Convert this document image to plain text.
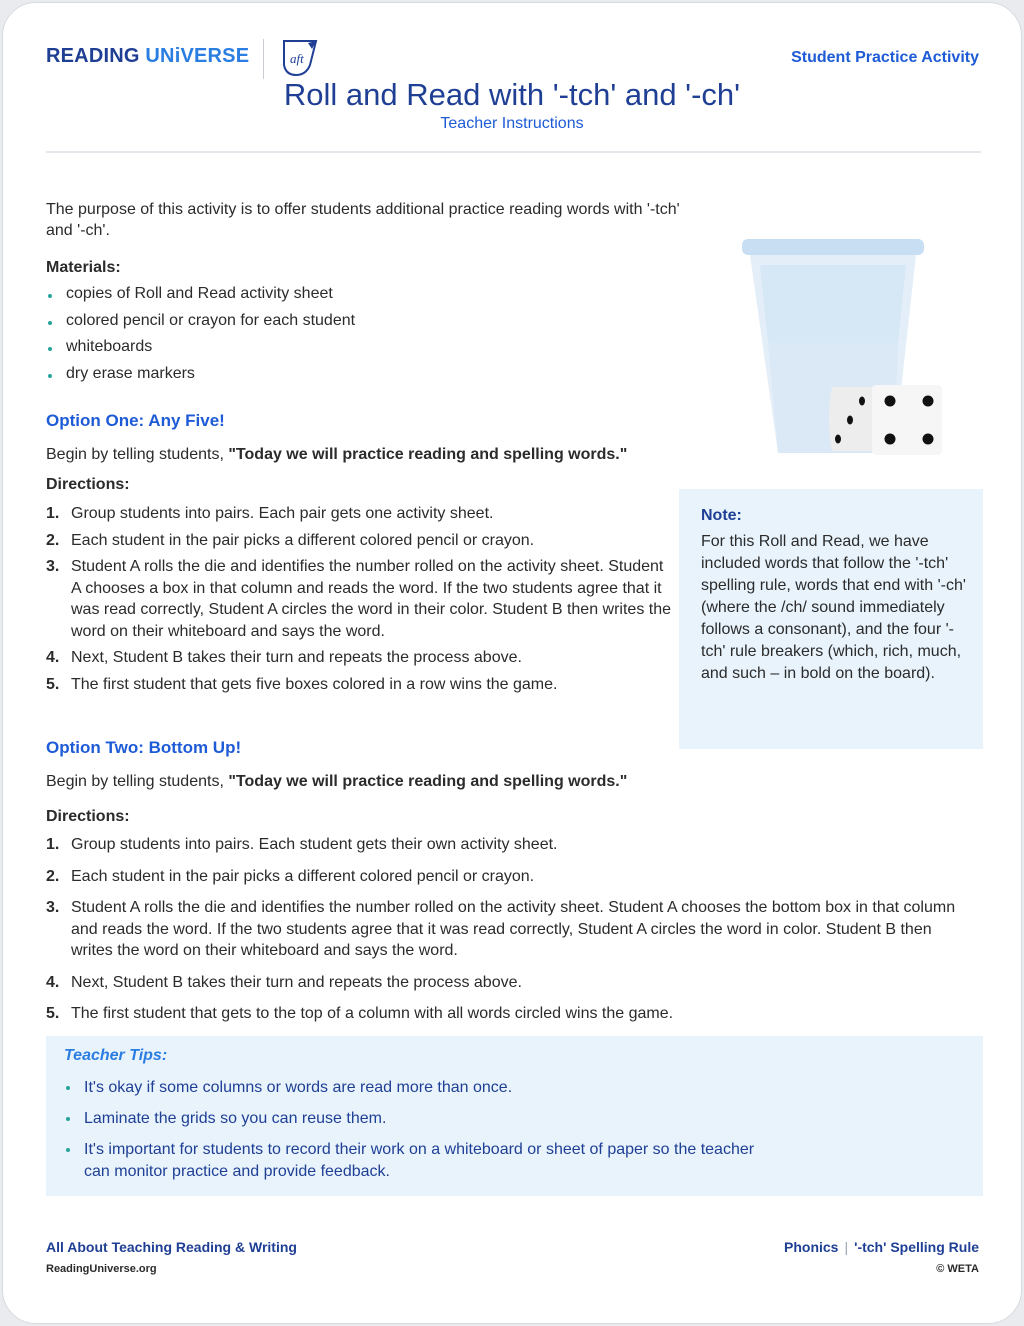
READING UNiVERSE	aft	Student Practice Activity
Roll and Read with '-tch' and '-ch'
Teacher Instructions
The purpose of this activity is to offer students additional practice reading words with '-tch' and '-ch'.
Materials:
copies of Roll and Read activity sheet
colored pencil or crayon for each student
whiteboards
dry erase markers
Option One: Any Five!
Begin by telling students, "Today we will practice reading and spelling words."
Directions:
1. Group students into pairs. Each pair gets one activity sheet.
2. Each student in the pair picks a different colored pencil or crayon.
3. Student A rolls the die and identifies the number rolled on the activity sheet. Student A chooses a box in that column and reads the word. If the two students agree that it was read correctly, Student A circles the word in their color. Student B then writes the word on their whiteboard and says the word.
4. Next, Student B takes their turn and repeats the process above.
5. The first student that gets five boxes colored in a row wins the game.
Note:
For this Roll and Read, we have included words that follow the '-tch' spelling rule, words that end with '-ch' (where the /ch/ sound immediately follows a consonant), and the four '-tch' rule breakers (which, rich, much, and such – in bold on the board).
Option Two: Bottom Up!
Begin by telling students, "Today we will practice reading and spelling words."
Directions:
1. Group students into pairs. Each student gets their own activity sheet.
2. Each student in the pair picks a different colored pencil or crayon.
3. Student A rolls the die and identifies the number rolled on the activity sheet. Student A chooses the bottom box in that column and reads the word. If the two students agree that it was read correctly, Student A circles the word in color. Student B then writes the word on their whiteboard and says the word.
4. Next, Student B takes their turn and repeats the process above.
5. The first student that gets to the top of a column with all words circled wins the game.
Teacher Tips:
It's okay if some columns or words are read more than once.
Laminate the grids so you can reuse them.
It's important for students to record their work on a whiteboard or sheet of paper so the teacher can monitor practice and provide feedback.
All About Teaching Reading & Writing
ReadingUniverse.org
Phonics | '-tch' Spelling Rule
© WETA
